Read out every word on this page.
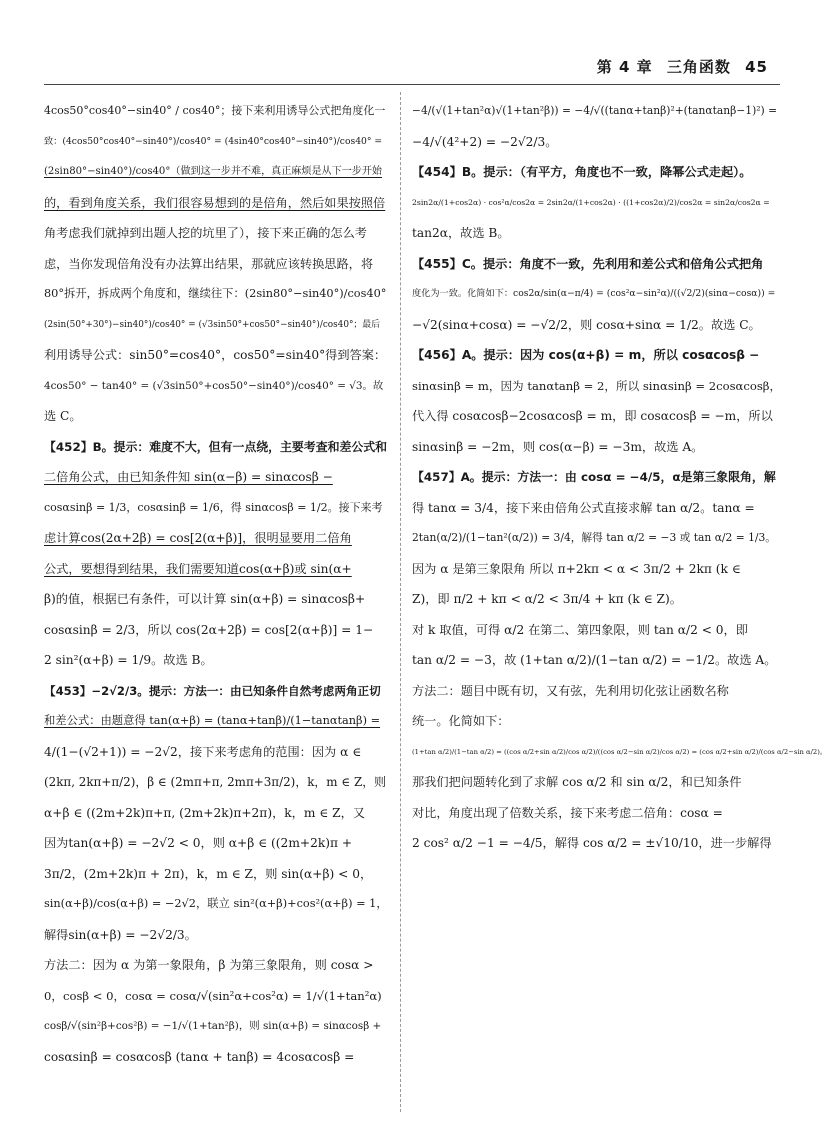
第 4 章 三角函数 45
4cos50°cos40°−sin40° / cos40°；接下来利用诱导公式把角度化一
致：(4cos50°cos40°−sin40°)/cos40° = (4sin40°cos40°−sin40°)/cos40° =
(2sin80°−sin40°)/cos40°（做到这一步并不难，真正麻烦是从下一步开始
的，看到角度关系，我们很容易想到的是倍角，然后如果按照倍
角考虑我们就掉到出题人挖的坑里了），接下来正确的怎么考
虑，当你发现倍角没有办法算出结果，那就应该转换思路，将
80°拆开，拆成两个角度和，继续往下：(2sin80°−sin40°)/cos40°
(2sin(50°+30°)−sin40°)/cos40° = (√3sin50°+cos50°−sin40°)/cos40°；最后
利用诱导公式：sin50°=cos40°，cos50°=sin40°得到答案：
4cos50° − tan40° = (√3sin50°+cos50°−sin40°)/cos40° = √3。故
选 C。
【452】B。提示：难度不大，但有一点绕，主要考查和差公式和
二倍角公式，由已知条件知 sin(α−β) = sinαcosβ −
cosαsinβ = 1/3，cosαsinβ = 1/6，得 sinαcosβ = 1/2。接下来考
虑计算cos(2α+2β) = cos[2(α+β)]，很明显要用二倍角
公式，要想得到结果，我们需要知道cos(α+β)或 sin(α+
β)的值，根据已有条件，可以计算 sin(α+β) = sinαcosβ+
cosαsinβ = 2/3，所以 cos(2α+2β) = cos[2(α+β)] = 1−
2 sin²(α+β) = 1/9。故选 B。
【453】−2√2/3。提示：方法一：由已知条件自然考虑两角正切
和差公式：由题意得 tan(α+β) = (tanα+tanβ)/(1−tanαtanβ) =
4/(1−(√2+1)) = −2√2，接下来考虑角的范围：因为 α ∈
(2kπ, 2kπ+π/2)，β ∈ (2mπ+π, 2mπ+3π/2)，k，m ∈ Z，则
α+β ∈ ((2m+2k)π+π, (2m+2k)π+2π)，k，m ∈ Z，又
因为tan(α+β) = −2√2 < 0，则 α+β ∈ ((2m+2k)π +
3π/2，(2m+2k)π + 2π)，k，m ∈ Z，则 sin(α+β) < 0，
sin(α+β)/cos(α+β) = −2√2，联立 sin²(α+β)+cos²(α+β) = 1，
解得sin(α+β) = −2√2/3。
方法二：因为 α 为第一象限角，β 为第三象限角，则 cosα >
0，cosβ < 0，cosα = cosα/√(sin²α+cos²α) = 1/√(1+tan²α)
cosβ/√(sin²β+cos²β) = −1/√(1+tan²β)，则 sin(α+β) = sinαcosβ +
cosαsinβ = cosαcosβ (tanα + tanβ) = 4cosαcosβ =
−4/(√(1+tan²α)√(1+tan²β)) = −4/√((tanα+tanβ)²+(tanαtanβ−1)²) =
−4/√(4²+2) = −2√2/3。
【454】B。提示：（有平方，角度也不一致，降幂公式走起）。
2sin2α/(1+cos2α) · cos²α/cos2α = 2sin2α/(1+cos2α) · ((1+cos2α)/2)/cos2α = sin2α/cos2α =
tan2α，故选 B。
【455】C。提示：角度不一致，先利用和差公式和倍角公式把角
度化为一致。化简如下：cos2α/sin(α−π/4) = (cos²α−sin²α)/((√2/2)(sinα−cosα)) =
−√2(sinα+cosα) = −√2/2，则 cosα+sinα = 1/2。故选 C。
【456】A。提示：因为 cos(α+β) = m，所以 cosαcosβ −
sinαsinβ = m，因为 tanαtanβ = 2，所以 sinαsinβ = 2cosαcosβ，
代入得 cosαcosβ−2cosαcosβ = m，即 cosαcosβ = −m，所以
sinαsinβ = −2m，则 cos(α−β) = −3m，故选 A。
【457】A。提示：方法一：由 cosα = −4/5，α是第三象限角，解
得 tanα = 3/4，接下来由倍角公式直接求解 tan α/2。tanα =
2tan(α/2)/(1−tan²(α/2)) = 3/4，解得 tan α/2 = −3 或 tan α/2 = 1/3。
因为 α 是第三象限角 所以 π+2kπ < α < 3π/2 + 2kπ (k ∈
Z)，即 π/2 + kπ < α/2 < 3π/4 + kπ (k ∈ Z)。
对 k 取值，可得 α/2 在第二、第四象限，则 tan α/2 < 0，即
tan α/2 = −3，故 (1+tan α/2)/(1−tan α/2) = −1/2。故选 A。
方法二：题目中既有切，又有弦，先利用切化弦让函数名称
统一。化简如下：
(1+tan α/2)/(1−tan α/2) = ((cos α/2+sin α/2)/cos α/2)/((cos α/2−sin α/2)/cos α/2) = (cos α/2+sin α/2)/(cos α/2−sin α/2)。
那我们把问题转化到了求解 cos α/2 和 sin α/2，和已知条件
对比，角度出现了倍数关系，接下来考虑二倍角：cosα =
2 cos² α/2 −1 = −4/5，解得 cos α/2 = ±√10/10，进一步解得
